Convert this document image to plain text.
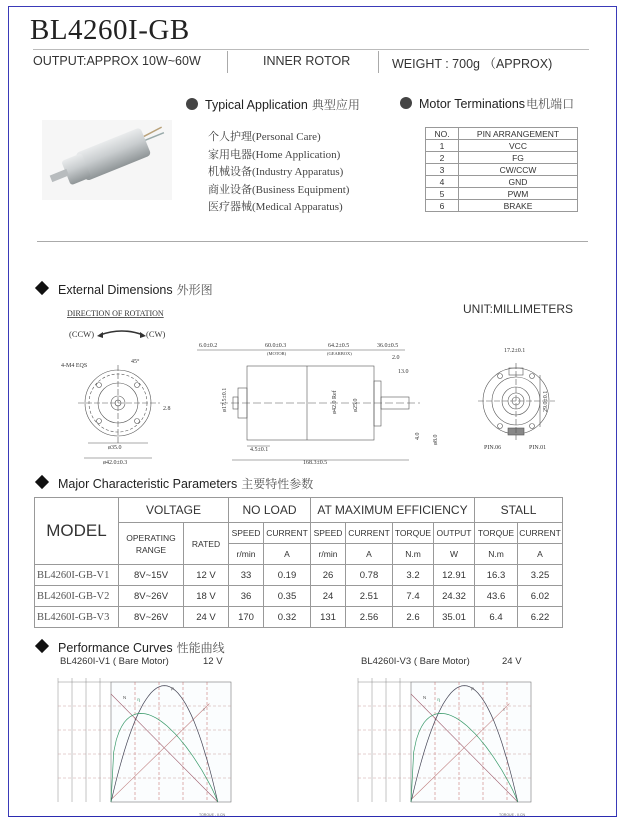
BL4260I-GB
OUTPUT:APPROX 10W~60W	INNER ROTOR	WEIGHT : 700g （APPROX)
Typical Application 典型应用
个人护理(Personal Care)
家用电器(Home Application)
机械设备(Industry Apparatus)
商业设备(Business Equipment)
医疗器械(Medical Apparatus)
Motor Terminations电机端口
NO.	PIN ARRANGEMENT
1	VCC
2	FG
3	CW/CCW
4	GND
5	PWM
6	BRAKE
External Dimensions 外形图
UNIT:MILLIMETERS
DIRECTION OF ROTATION
(CCW)	(CW)
4-M4 EQS
45°
2.8
ø35.0
ø42.0±0.3
6.0±0.2	60.0±0.3
(MOTOR)
64.2±0.5
(GEARBOX)
36.0±0.5
2.0
13.0
ø17.5±0.1	ø42.0 Ref	ø25.0
4.0 ø8.0
4.5±0.1
168.3±0.5
17.2±0.1
29.0±0.1
PIN.06	PIN.01
Major Characteristic Parameters 主要特性参数
MODEL	VOLTAGE		NO LOAD		AT MAXIMUM EFFICIENCY				STALL	
	OPERATING RANGE	RATED	SPEED	CURRENT	SPEED	CURRENT	TORQUE	OUTPUT	TORQUE	CURRENT
			r/min	A	r/min	A	N.m	W	N.m	A
BL4260I-GB-V1	8V~15V	12 V	33	0.19	26	0.78	3.2	12.91	16.3	3.25
BL4260I-GB-V2	8V~26V	18 V	36	0.35	24	2.51	7.4	24.32	43.6	6.02
BL4260I-GB-V3	8V~26V	24 V	170	0.32	131	2.56	2.6	35.01	6.4	6.22
Performance Curves 性能曲线
BL4260I-V1 ( Bare Motor)	12 V	BL4260I-V3 ( Bare Motor)	24 V
N η
P
I
TORQUE - 0.CN
N η
P
I
TORQUE - 0.CN
